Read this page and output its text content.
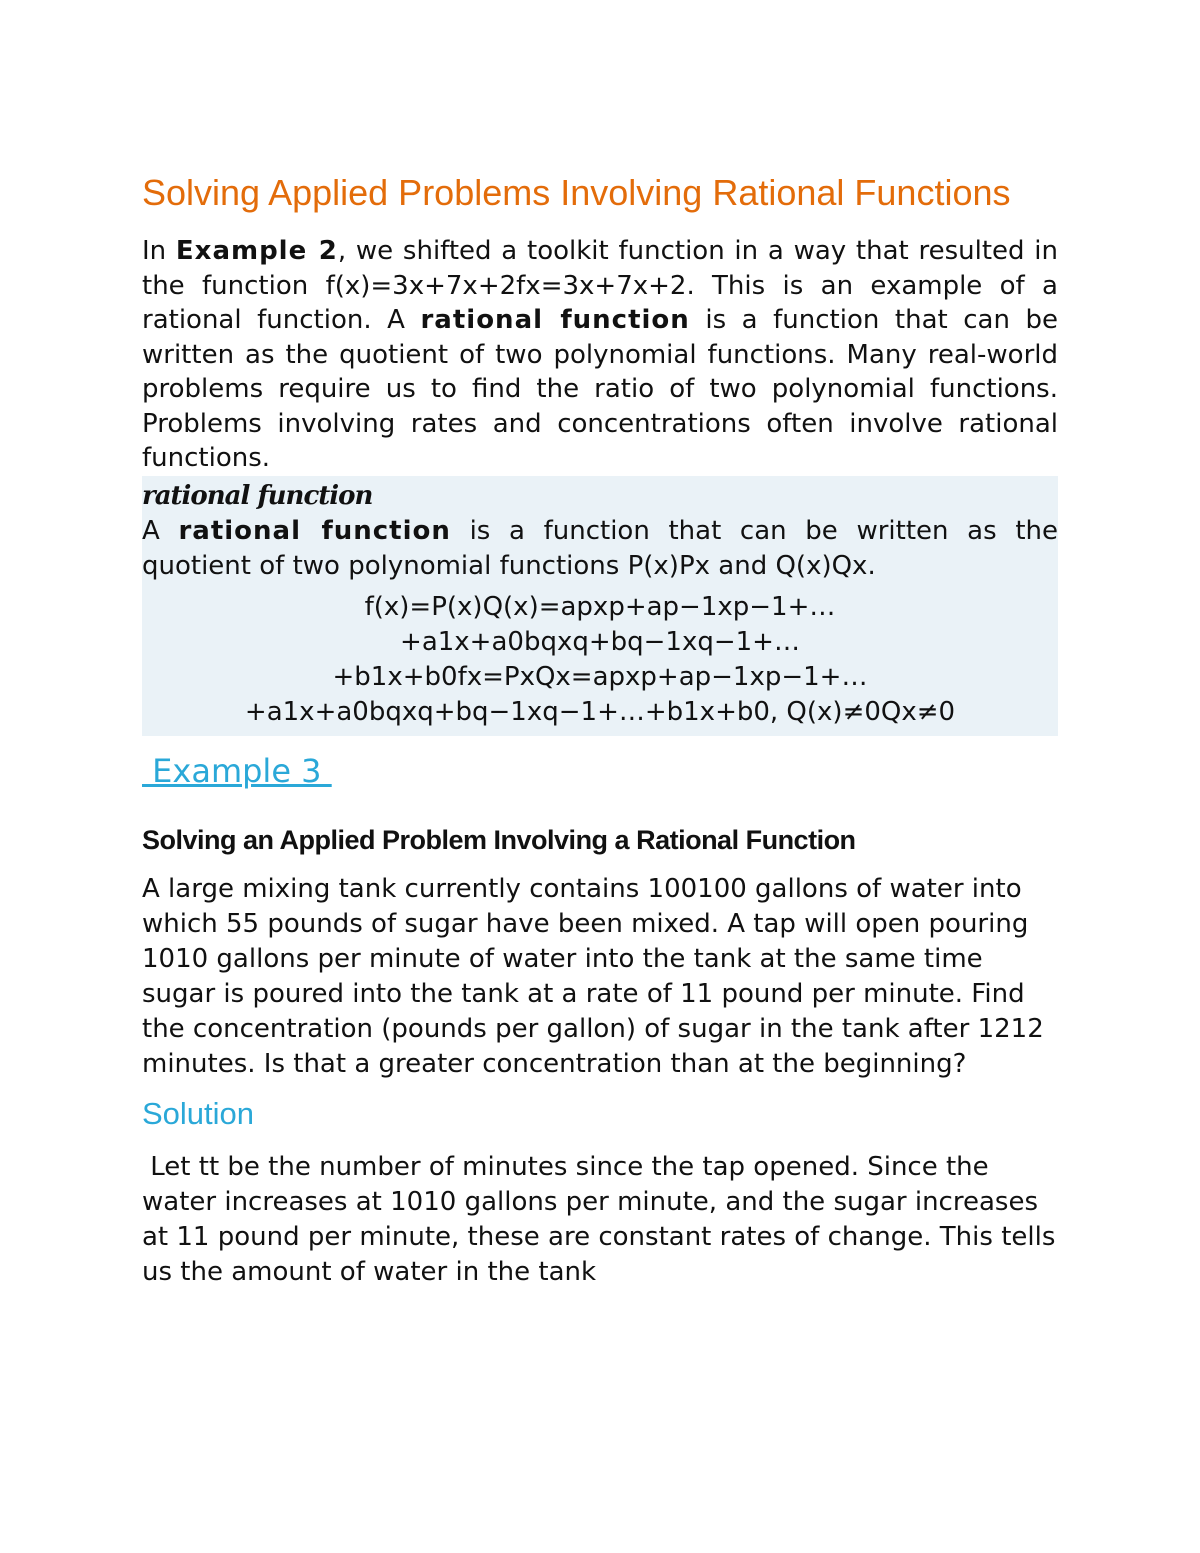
Solving Applied Problems Involving Rational Functions

In Example 2, we shifted a toolkit function in a way that resulted in the function f(x)=3x+7x+2fx=3x+7x+2. This is an example of a rational function. A rational function is a function that can be written as the quotient of two polynomial functions. Many real-world problems require us to find the ratio of two polynomial functions. Problems involving rates and concentrations often involve rational functions.

rational function

A rational function is a function that can be written as the quotient of two polynomial functions P(x)Px and Q(x)Qx.

f(x)=P(x)Q(x)=apxp+ap−1xp−1+…
+a1x+a0bqxq+bq−1xq−1+…
+b1x+b0fx=PxQx=apxp+ap−1xp−1+…
+a1x+a0bqxq+bq−1xq−1+…+b1x+b0, Q(x)≠0Qx≠0
Example 3
Solving an Applied Problem Involving a Rational Function

A large mixing tank currently contains 100100 gallons of water into which 55 pounds of sugar have been mixed. A tap will open pouring 1010 gallons per minute of water into the tank at the same time sugar is poured into the tank at a rate of 11 pound per minute. Find the concentration (pounds per gallon) of sugar in the tank after 1212 minutes. Is that a greater concentration than at the beginning?

Solution

Let tt be the number of minutes since the tap opened. Since the water increases at 1010 gallons per minute, and the sugar increases at 11 pound per minute, these are constant rates of change. This tells us the amount of water in the tank
